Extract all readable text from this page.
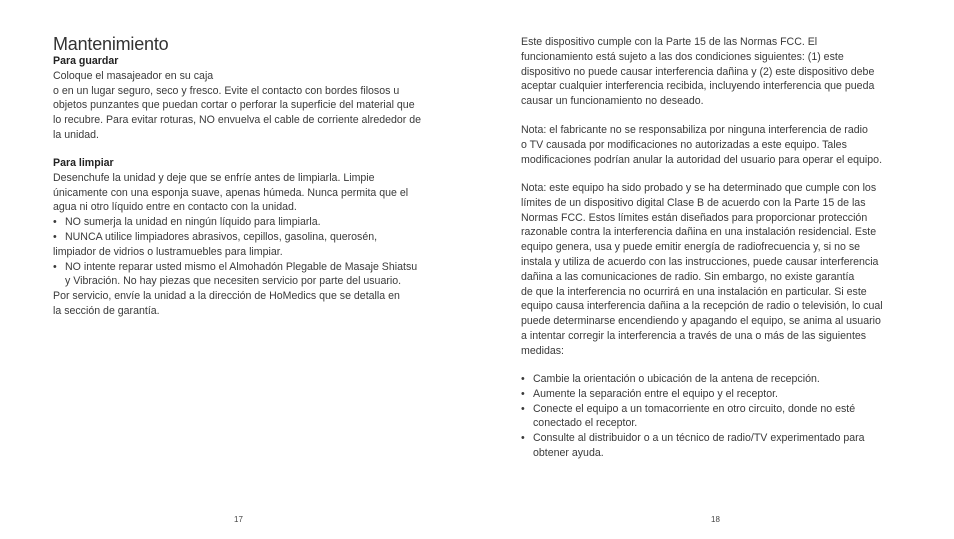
Mantenimiento
Para guardar
Coloque el masajeador en su caja
o en un lugar seguro, seco y fresco. Evite el contacto con bordes filosos u
objetos punzantes que puedan cortar o perforar la superficie del material que
lo recubre. Para evitar roturas, NO envuelva el cable de corriente alrededor de
la unidad.
Para limpiar
Desenchufe la unidad y deje que se enfríe antes de limpiarla. Limpie
únicamente con una esponja suave, apenas húmeda. Nunca permita que el
agua ni otro líquido entre en contacto con la unidad.
• NO sumerja la unidad en ningún líquido para limpiarla.
• NUNCA utilice limpiadores abrasivos, cepillos, gasolina, querosén,
limpiador de vidrios o lustramuebles para limpiar.
• NO intente reparar usted mismo el Almohadón Plegable de Masaje Shiatsu
y Vibración. No hay piezas que necesiten servicio por parte del usuario.
Por servicio, envíe la unidad a la dirección de HoMedics que se detalla en
la sección de garantía.
17
Este dispositivo cumple con la Parte 15 de las Normas FCC. El
funcionamiento está sujeto a las dos condiciones siguientes: (1) este
dispositivo no puede causar interferencia dañina y (2) este dispositivo debe
aceptar cualquier interferencia recibida, incluyendo interferencia que pueda
causar un funcionamiento no deseado.
Nota: el fabricante no se responsabiliza por ninguna interferencia de radio
o TV causada por modificaciones no autorizadas a este equipo. Tales
modificaciones podrían anular la autoridad del usuario para operar el equipo.
Nota: este equipo ha sido probado y se ha determinado que cumple con los
límites de un dispositivo digital Clase B de acuerdo con la Parte 15 de las
Normas FCC. Estos límites están diseñados para proporcionar protección
razonable contra la interferencia dañina en una instalación residencial. Este
equipo genera, usa y puede emitir energía de radiofrecuencia y, si no se
instala y utiliza de acuerdo con las instrucciones, puede causar interferencia
dañina a las comunicaciones de radio. Sin embargo, no existe garantía
de que la interferencia no ocurrirá en una instalación en particular. Si este
equipo causa interferencia dañina a la recepción de radio o televisión, lo cual
puede determinarse encendiendo y apagando el equipo, se anima al usuario
a intentar corregir la interferencia a través de una o más de las siguientes
medidas:
• Cambie la orientación o ubicación de la antena de recepción.
• Aumente la separación entre el equipo y el receptor.
• Conecte el equipo a un tomacorriente en otro circuito, donde no esté
conectado el receptor.
• Consulte al distribuidor o a un técnico de radio/TV experimentado para
obtener ayuda.
18
